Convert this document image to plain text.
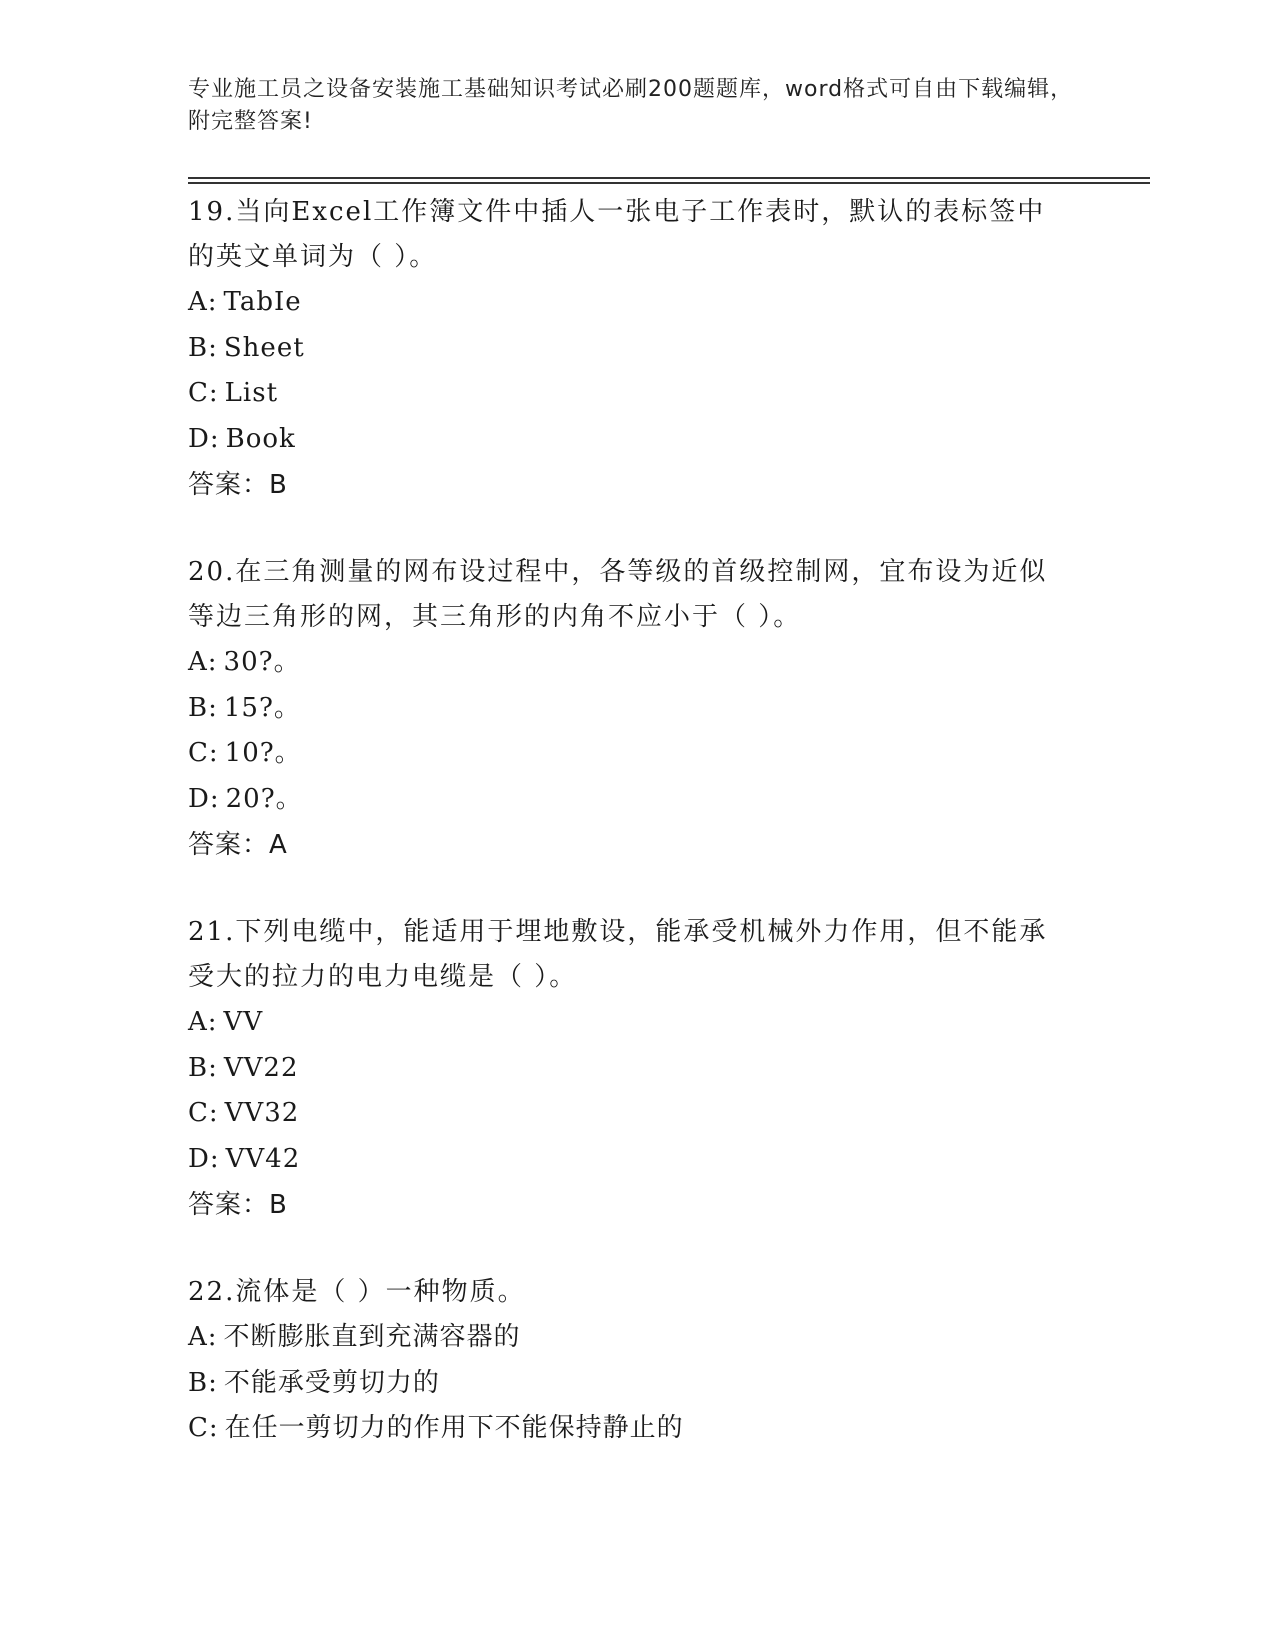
专业施工员之设备安装施工基础知识考试必刷200题题库，word格式可自由下载编辑，附完整答案!

19.当向Excel工作簿文件中插人一张电子工作表时，默认的表标签中的英文单词为（ ）。

A: TabIe

B: Sheet

C: List

D: Book

答案：B

20.在三角测量的网布设过程中，各等级的首级控制网，宜布设为近似等边三角形的网，其三角形的内角不应小于（ ）。

A: 30?。

B: 15?。

C: 10?。

D: 20?。

答案：A

21.下列电缆中，能适用于埋地敷设，能承受机械外力作用，但不能承受大的拉力的电力电缆是（ ）。

A: VV

B: VV22

C: VV32

D: VV42

答案：B

22.流体是（ ）一种物质。

A: 不断膨胀直到充满容器的

B: 不能承受剪切力的

C: 在任一剪切力的作用下不能保持静止的
